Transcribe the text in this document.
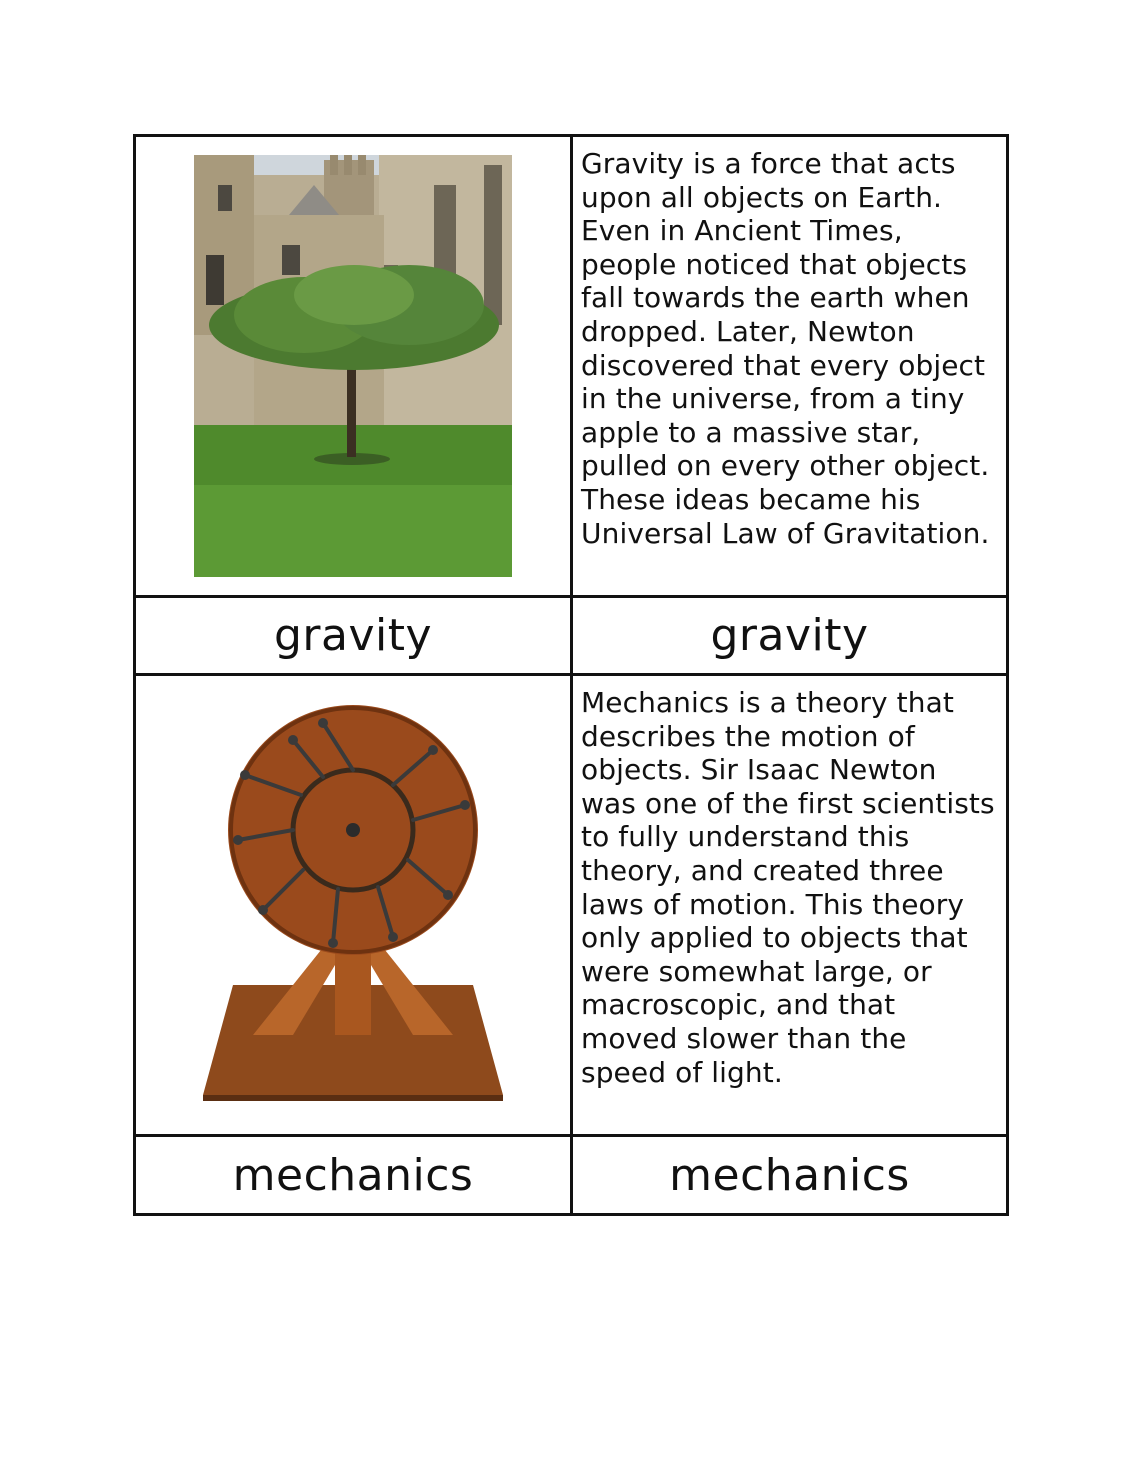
Gravity is a force that acts upon all objects on Earth. Even in Ancient Times, people noticed that objects fall towards the earth when dropped. Later, Newton discovered that every object in the universe, from a tiny apple to a massive star, pulled on every other object. These ideas became his Universal Law of Gravitation.
gravity	gravity
Mechanics is a theory that describes the motion of objects. Sir Isaac Newton was one of the first scientists to fully understand this theory, and created three laws of motion. This theory only applied to objects that were somewhat large, or macroscopic, and that moved slower than the speed of light.
mechanics	mechanics
